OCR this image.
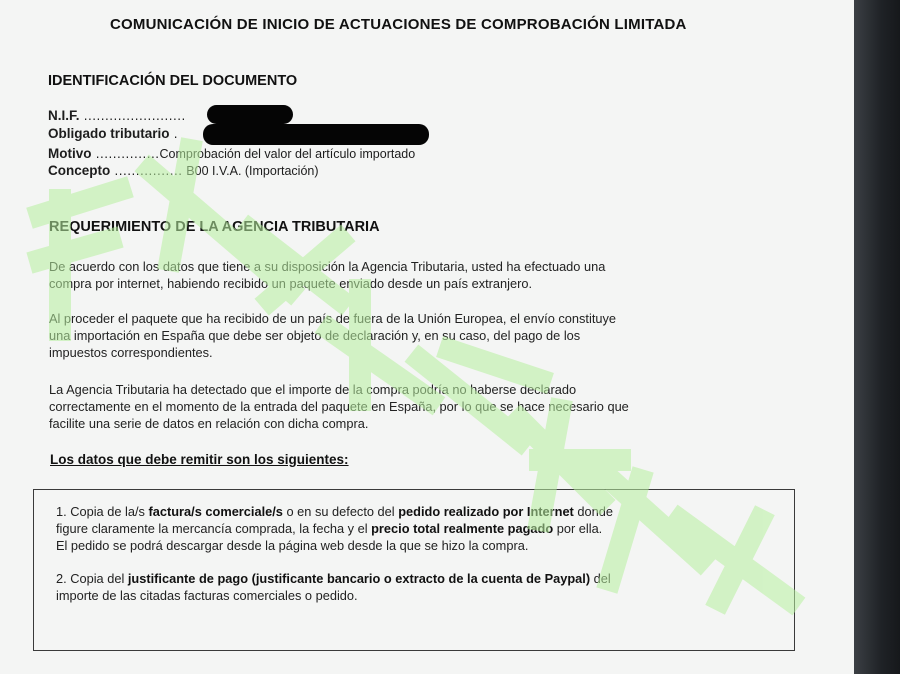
COMUNICACIÓN DE INICIO DE ACTUACIONES DE COMPROBACIÓN LIMITADA
IDENTIFICACIÓN DEL DOCUMENTO
N.I.F. ........................
Obligado tributario .
Motivo ...............Comprobación del valor del artículo importado
Concepto ................ B00 I.V.A. (Importación)
REQUERIMIENTO DE LA AGENCIA TRIBUTARIA
De acuerdo con los datos que tiene a su disposición la Agencia Tributaria, usted ha efectuado una
compra por internet, habiendo recibido un paquete enviado desde un país extranjero.
Al proceder el paquete que ha recibido de un país de fuera de la Unión Europea, el envío constituye
una importación en España que debe ser objeto de declaración y, en su caso, del pago de los
impuestos correspondientes.
La Agencia Tributaria ha detectado que el importe de la compra podría no haberse declarado
correctamente en el momento de la entrada del paquete en España, por lo que se hace necesario que
facilite una serie de datos en relación con dicha compra.
Los datos que debe remitir son los siguientes:
1. Copia de la/s factura/s comerciale/s o en su defecto del pedido realizado por Internet donde
figure claramente la mercancía comprada, la fecha y el precio total realmente pagado por ella.
El pedido se podrá descargar desde la página web desde la que se hizo la compra.
2. Copia del justificante de pago (justificante bancario o extracto de la cuenta de Paypal) del
importe de las citadas facturas comerciales o pedido.
